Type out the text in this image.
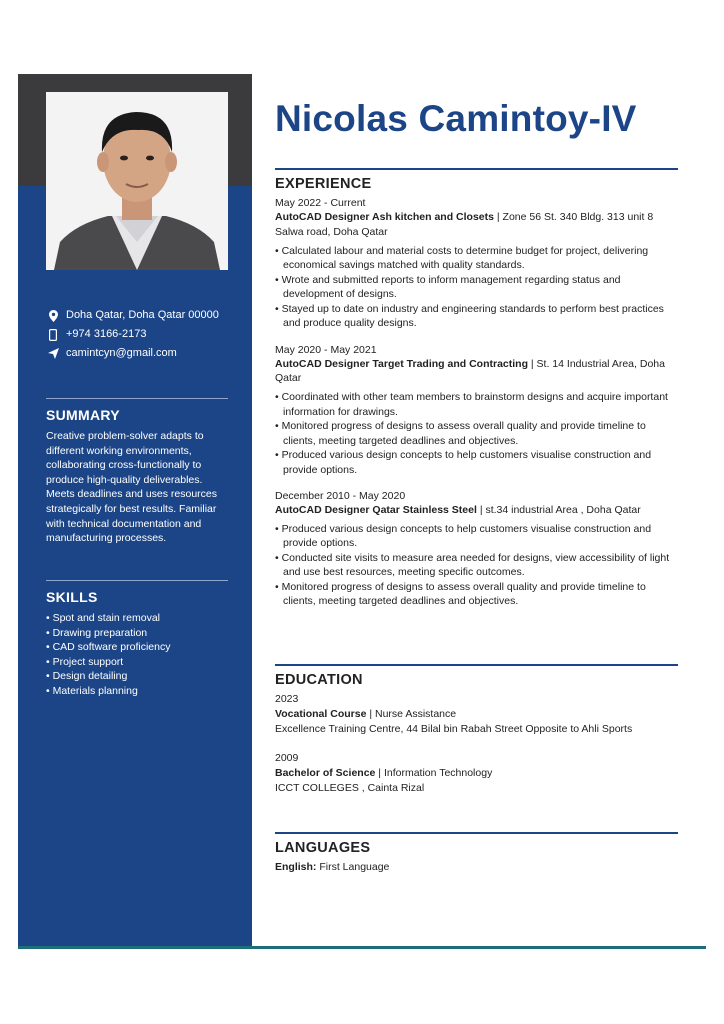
Doha Qatar, Doha Qatar 00000
+974 3166-2173
camintcyn@gmail.com
SUMMARY

Creative problem-solver adapts to different working environments, collaborating cross-functionally to produce high-quality deliverables. Meets deadlines and uses resources strategically for best results. Familiar with technical documentation and manufacturing processes.

SKILLS
• Spot and stain removal
• Drawing preparation
• CAD software proficiency
• Project support
• Design detailing
• Materials planning
Nicolas Camintoy-IV
EXPERIENCE
May 2022 - Current
AutoCAD Designer Ash kitchen and Closets | Zone 56 St. 340 Bldg. 313 unit 8 Salwa road, Doha Qatar
• Calculated labour and material costs to determine budget for project, delivering economical savings matched with quality standards.
• Wrote and submitted reports to inform management regarding status and development of designs.
• Stayed up to date on industry and engineering standards to perform best practices and produce quality designs.
May 2020 - May 2021
AutoCAD Designer Target Trading and Contracting | St. 14 Industrial Area, Doha Qatar
• Coordinated with other team members to brainstorm designs and acquire important information for drawings.
• Monitored progress of designs to assess overall quality and provide timeline to clients, meeting targeted deadlines and objectives.
• Produced various design concepts to help customers visualise construction and provide options.
December 2010 - May 2020
AutoCAD Designer Qatar Stainless Steel | st.34 industrial Area , Doha Qatar
• Produced various design concepts to help customers visualise construction and provide options.
• Conducted site visits to measure area needed for designs, view accessibility of light and use best resources, meeting specific outcomes.
• Monitored progress of designs to assess overall quality and provide timeline to clients, meeting targeted deadlines and objectives.
EDUCATION
2023
Vocational Course | Nurse Assistance
Excellence Training Centre, 44 Bilal bin Rabah Street Opposite to Ahli Sports
2009
Bachelor of Science | Information Technology
ICCT COLLEGES , Cainta Rizal
LANGUAGES
English: First Language
